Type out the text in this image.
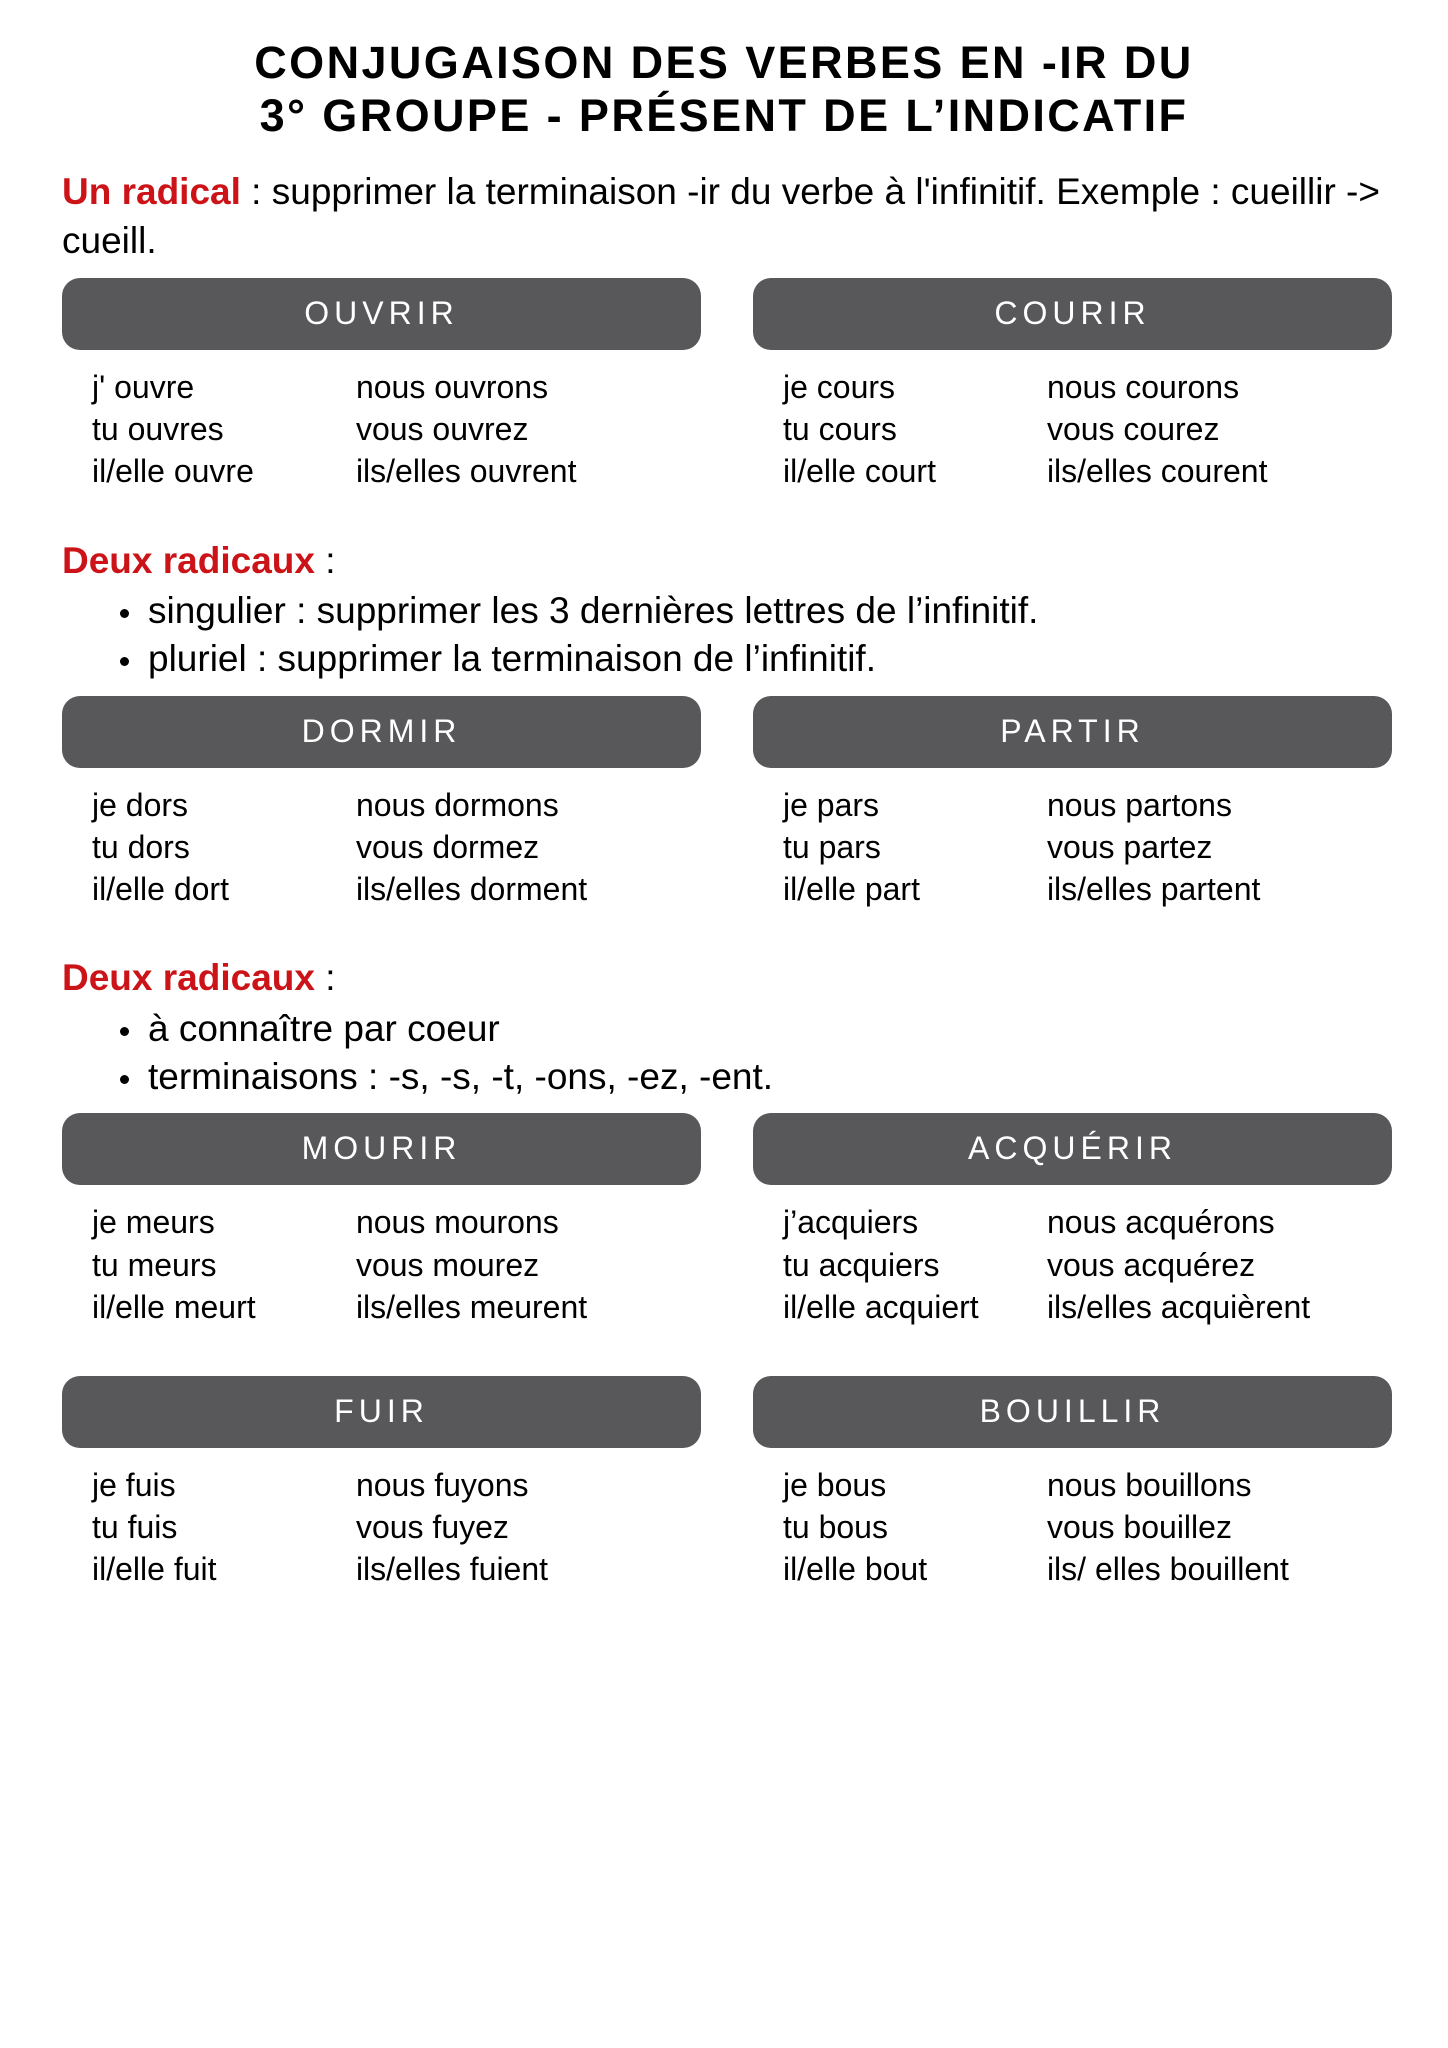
CONJUGAISON DES VERBES EN -IR DU
3° GROUPE - PRÉSENT DE L’INDICATIF

Un radical : supprimer la terminaison -ir du verbe à l'infinitif. Exemple : cueillir -> cueill.

OUVRIR
j' ouvre
tu ouvres
il/elle ouvre
nous ouvrons
vous ouvrez
ils/elles ouvrent
COURIR
je cours
tu cours
il/elle court
nous courons
vous courez
ils/elles courent

Deux radicaux :

singulier : supprimer les 3 dernières lettres de l’infinitif.
pluriel : supprimer la terminaison de l’infinitif.
DORMIR
je dors
tu dors
il/elle dort
nous dormons
vous dormez
ils/elles dorment
PARTIR
je pars
tu pars
il/elle part
nous partons
vous partez
ils/elles partent

Deux radicaux :

à connaître par coeur
terminaisons : -s, -s, -t, -ons, -ez, -ent.
MOURIR
je meurs
tu meurs
il/elle meurt
nous mourons
vous mourez
ils/elles meurent
ACQUÉRIR
j’acquiers
tu acquiers
il/elle acquiert
nous acquérons
vous acquérez
ils/elles acquièrent
FUIR
je fuis
tu fuis
il/elle fuit
nous fuyons
vous fuyez
ils/elles fuient
BOUILLIR
je bous
tu bous
il/elle bout
nous bouillons
vous bouillez
ils/ elles bouillent
